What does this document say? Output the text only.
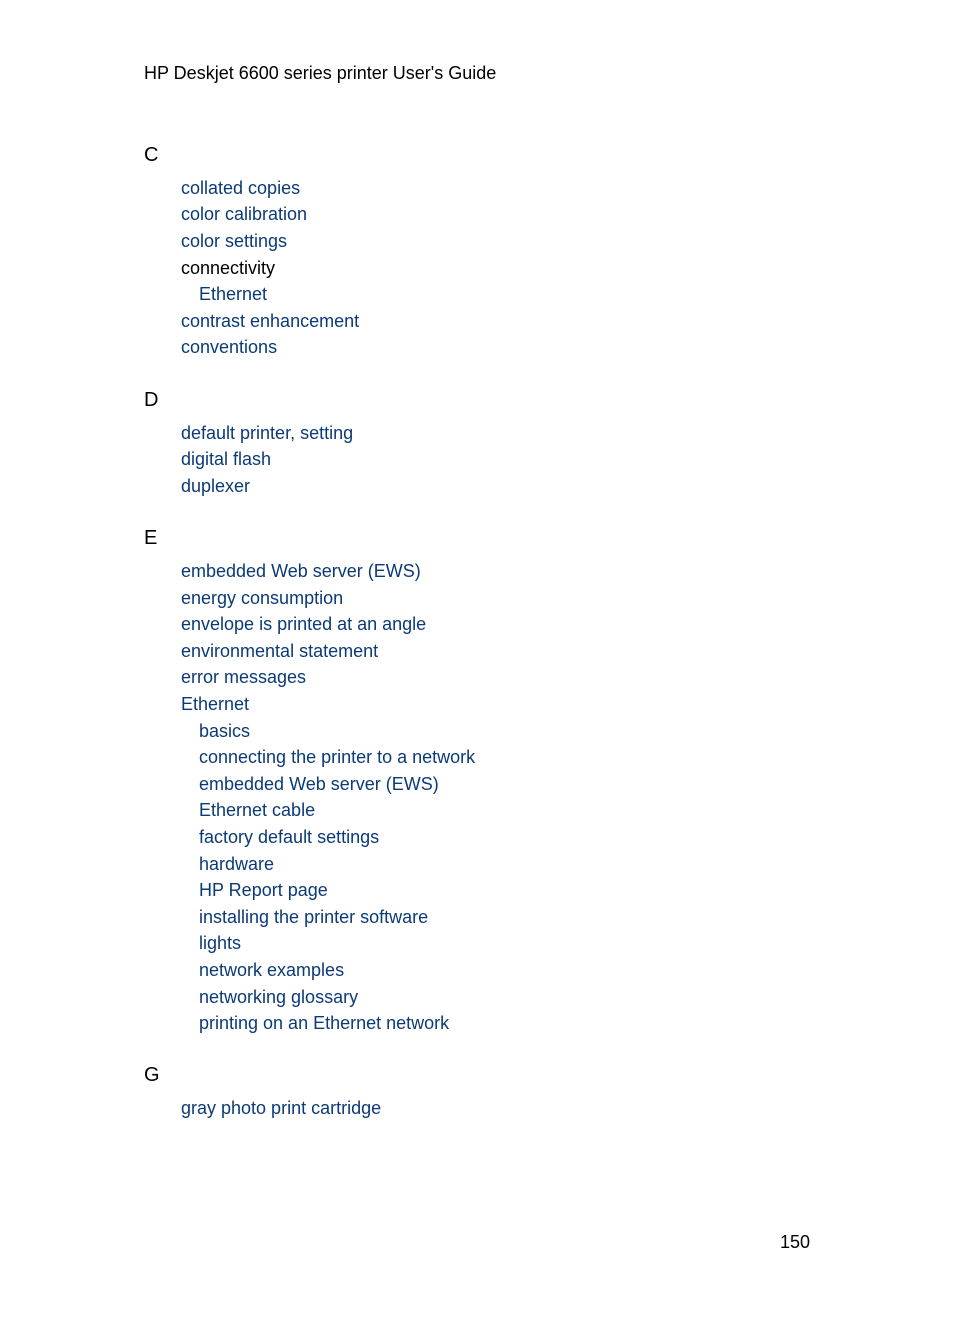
HP Deskjet 6600 series printer User's Guide
C
collated copies
color calibration
color settings
connectivity
Ethernet
contrast enhancement
conventions
D
default printer, setting
digital flash
duplexer
E
embedded Web server (EWS)
energy consumption
envelope is printed at an angle
environmental statement
error messages
Ethernet
basics
connecting the printer to a network
embedded Web server (EWS)
Ethernet cable
factory default settings
hardware
HP Report page
installing the printer software
lights
network examples
networking glossary
printing on an Ethernet network
G
gray photo print cartridge
150
